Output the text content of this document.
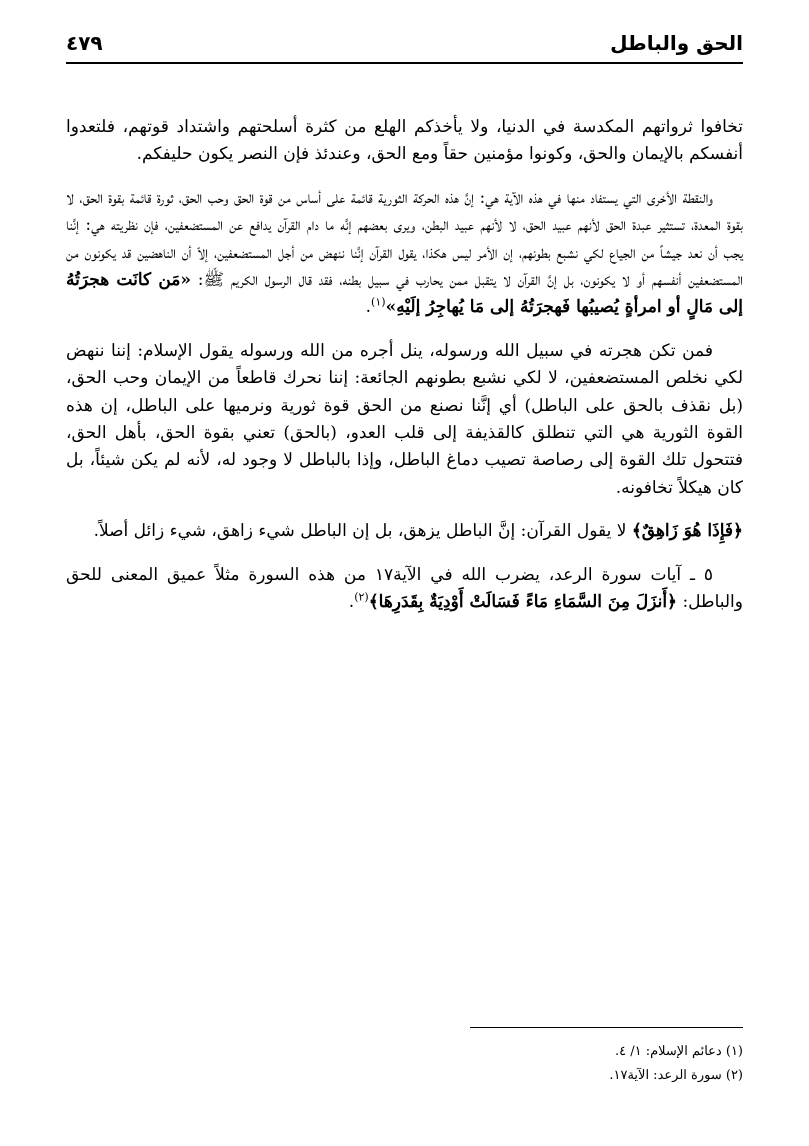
الحق والباطل
٤٧٩

تخافوا ثرواتهم المكدسة في الدنيا، ولا يأخذكم الهلع من كثرة أسلحتهم واشتداد قوتهم، فلتعدوا أنفسكم بالإيمان والحق، وكونوا مؤمنين حقاً ومع الحق، وعندئذ فإن النصر يكون حليفكم.

والنقطة الأخرى التي يستفاد منها في هذه الآية هي: إنَّ هذه الحركة الثورية قائمة على أساس من قوة الحق وحب الحق، ثورة قائمة بقوة الحق، لا بقوة المعدة، تستثير عبدة الحق لأنهم عبيد الحق، لا لأنهم عبيد البطن، ويرى بعضهم إنَّه ما دام القرآن يدافع عن المستضعفين، فإن نظريته هي: إنَّنا يجب أن نعد جيشاً من الجياع لكي نشبع بطونهم، إن الأمر ليس هكذا، يقول القرآن إنَّنا ننهض من أجل المستضعفين، إلاّ أن الناهضين قد يكونون من المستضعفين أنفسهم أو لا يكونون، بل إنَّ القرآن لا يتقبل ممن يحارب في سبيل بطنه، فقد قال الرسول الكريم ﷺ: «مَن كانَت هجرَتُهُ إلى مَالٍ أو امرأةٍ يُصيبُها فَهجرَتُهُ إلى مَا يُهاجِرُ إلَيْهِ»$^{(١)}$.

فمن تكن هجرته في سبيل الله ورسوله، ينل أجره من الله ورسوله يقول الإسلام: إننا ننهض لكي نخلص المستضعفين، لا لكي نشبع بطونهم الجائعة: إننا نحرك قاطعاً من الإيمان وحب الحق، (بل نقذف بالحق على الباطل) أي إنَّنا نصنع من الحق قوة ثورية ونرميها على الباطل، إن هذه القوة الثورية هي التي تنطلق كالقذيفة إلى قلب العدو، (بالحق) تعني بقوة الحق، بأهل الحق، فتتحول تلك القوة إلى رصاصة تصيب دماغ الباطل، وإذا بالباطل لا وجود له، لأنه لم يكن شيئاً، بل كان هيكلاً تخافونه.

﴿فَإِذَا هُوَ زَاهِقٌ﴾ لا يقول القرآن: إنَّ الباطل يزهق، بل إن الباطل شيء زاهق، شيء زائل أصلاً.

٥ ـ آيات سورة الرعد، يضرب الله في الآية١٧ من هذه السورة مثلاً عميق المعنى للحق والباطل: ﴿أَنزَلَ مِنَ السَّمَاءِ مَاءً فَسَالَتْ أَوْدِيَةٌ بِقَدَرِهَا﴾$^{(٢)}$.

(١) دعائم الإسلام: ١/ ٤.

(٢) سورة الرعد: الآية١٧.
